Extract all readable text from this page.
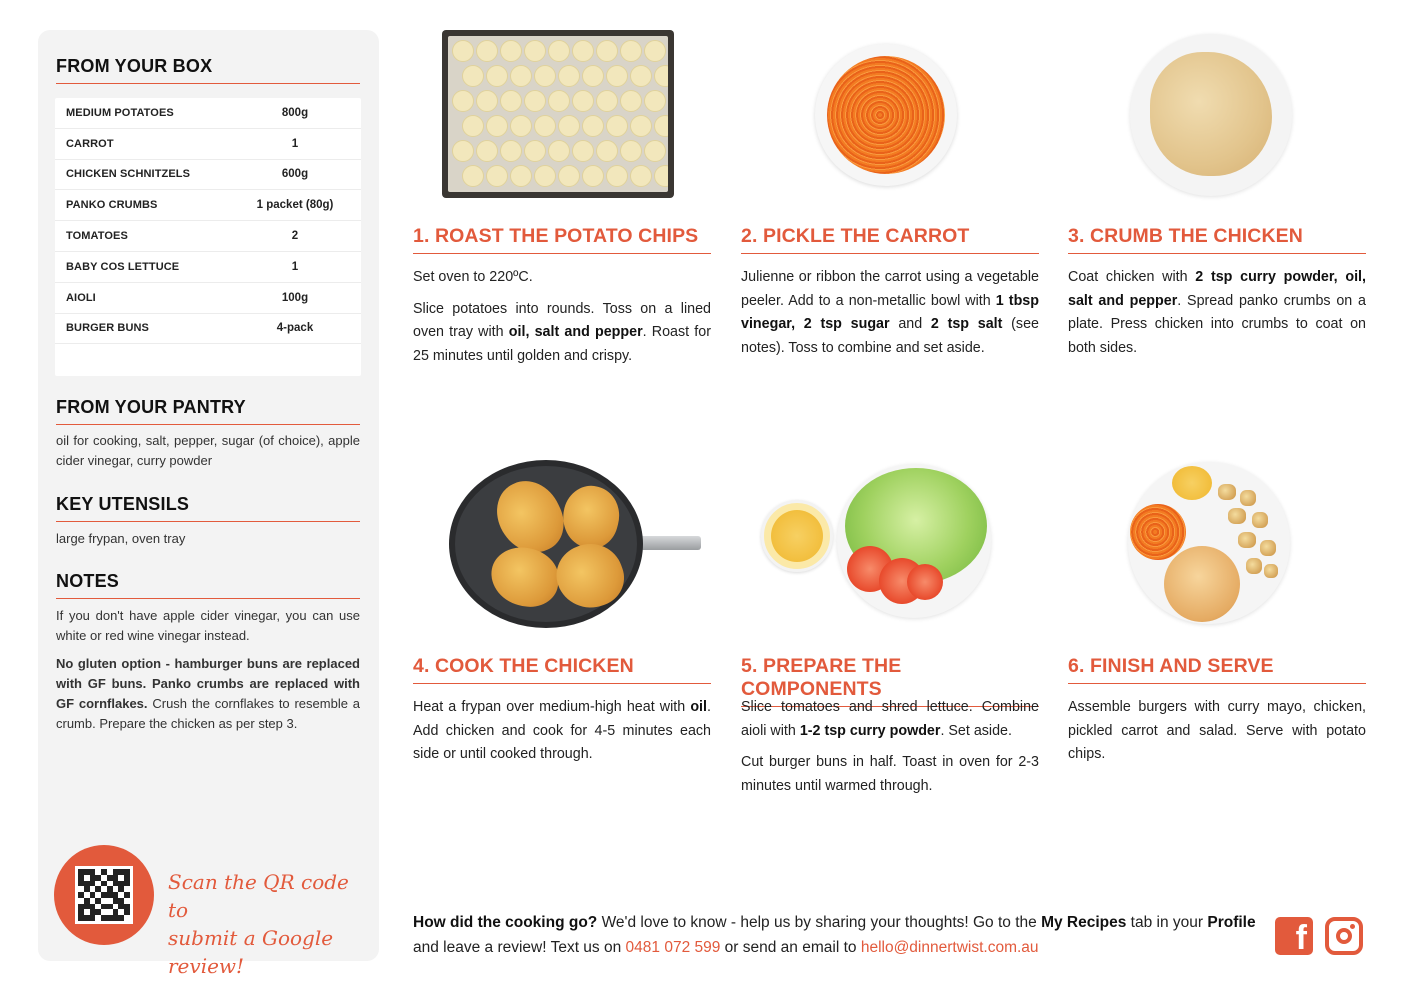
FROM YOUR BOX
MEDIUM POTATOES	800g
CARROT	1
CHICKEN SCHNITZELS	600g
PANKO CRUMBS	1 packet (80g)
TOMATOES	2
BABY COS LETTUCE	1
AIOLI	100g
BURGER BUNS	4-pack
FROM YOUR PANTRY
oil for cooking, salt, pepper, sugar (of choice), apple cider vinegar, curry powder
KEY UTENSILS
large frypan, oven tray
NOTES
If you don't have apple cider vinegar, you can use white or red wine vinegar instead.
No gluten option - hamburger buns are replaced with GF buns. Panko crumbs are replaced with GF cornflakes. Crush the cornflakes to resemble a crumb. Prepare the chicken as per step 3.
Scan the QR code to
submit a Google review!
1. ROAST THE POTATO CHIPS

Set oven to 220ºC.

Slice potatoes into rounds. Toss on a lined oven tray with oil, salt and pepper. Roast for 25 minutes until golden and crispy.

2. PICKLE THE CARROT

Julienne or ribbon the carrot using a vegetable peeler. Add to a non-metallic bowl with 1 tbsp vinegar, 2 tsp sugar and 2 tsp salt (see notes). Toss to combine and set aside.

3. CRUMB THE CHICKEN

Coat chicken with 2 tsp curry powder, oil, salt and pepper. Spread panko crumbs on a plate. Press chicken into crumbs to coat on both sides.

4. COOK THE CHICKEN

Heat a frypan over medium-high heat with oil. Add chicken and cook for 4-5 minutes each side or until cooked through.

5. PREPARE THE COMPONENTS

Slice tomatoes and shred lettuce. Combine aioli with 1-2 tsp curry powder. Set aside.

Cut burger buns in half. Toast in oven for 2-3 minutes until warmed through.

6. FINISH AND SERVE

Assemble burgers with curry mayo, chicken, pickled carrot and salad. Serve with potato chips.

How did the cooking go? We'd love to know - help us by sharing your thoughts! Go to the My Recipes tab in your Profile and leave a review! Text us on 0481 072 599 or send an email to hello@dinnertwist.com.au	f
